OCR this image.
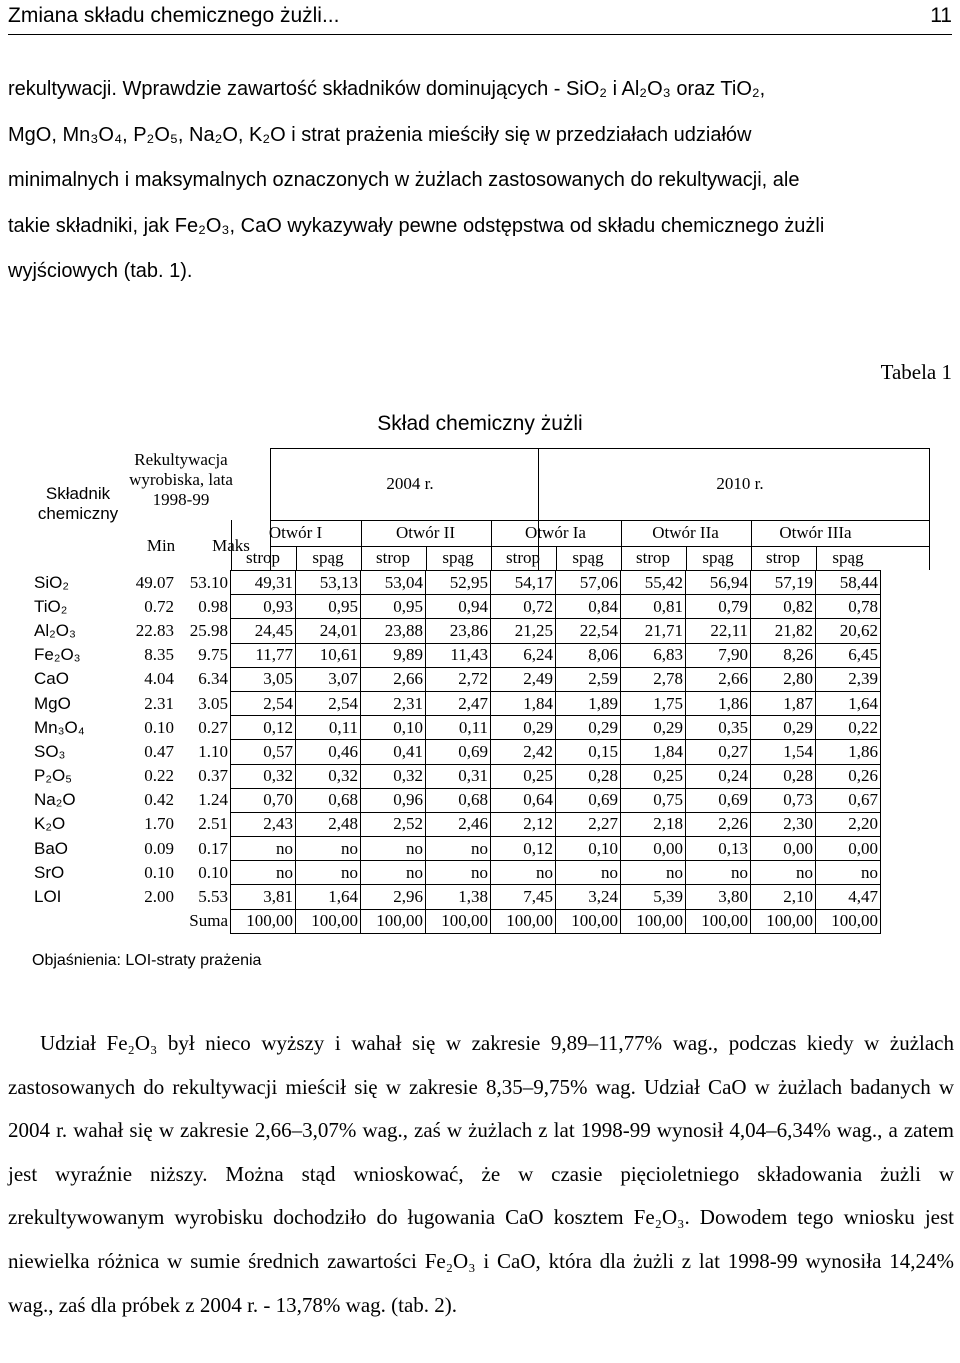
Zmiana składu chemicznego żużli...	11
rekultywacji. Wprawdzie zawartość składników dominujących - SiO₂ i Al₂O₃ oraz TiO₂,
MgO, Mn₃O₄, P₂O₅, Na₂O, K₂O i strat prażenia mieściły się w przedziałach udziałów
minimalnych i maksymalnych oznaczonych w żużlach zastosowanych do rekultywacji, ale
takie składniki, jak Fe₂O₃, CaO wykazywały pewne odstępstwa od składu chemicznego żużli
wyjściowych (tab. 1).
Tabela 1
Skład chemiczny żużli
Składnik chemiczny
Rekultywacja wyrobiska, lata 1998-99
Min	Maks
2004 r.	2010 r.
Otwór I	Otwór II	Otwór Ia	Otwór IIa	Otwór IIIa
strop	spąg	strop	spąg	strop	spąg	strop	spąg	strop	spąg
SiO₂	49.07	53.10	49,31	53,13	53,04	52,95	54,17	57,06	55,42	56,94	57,19	58,44
TiO₂	0.72	0.98	0,93	0,95	0,95	0,94	0,72	0,84	0,81	0,79	0,82	0,78
Al₂O₃	22.83	25.98	24,45	24,01	23,88	23,86	21,25	22,54	21,71	22,11	21,82	20,62
Fe₂O₃	8.35	9.75	11,77	10,61	9,89	11,43	6,24	8,06	6,83	7,90	8,26	6,45
CaO	4.04	6.34	3,05	3,07	2,66	2,72	2,49	2,59	2,78	2,66	2,80	2,39
MgO	2.31	3.05	2,54	2,54	2,31	2,47	1,84	1,89	1,75	1,86	1,87	1,64
Mn₃O₄	0.10	0.27	0,12	0,11	0,10	0,11	0,29	0,29	0,29	0,35	0,29	0,22
SO₃	0.47	1.10	0,57	0,46	0,41	0,69	2,42	0,15	1,84	0,27	1,54	1,86
P₂O₅	0.22	0.37	0,32	0,32	0,32	0,31	0,25	0,28	0,25	0,24	0,28	0,26
Na₂O	0.42	1.24	0,70	0,68	0,96	0,68	0,64	0,69	0,75	0,69	0,73	0,67
K₂O	1.70	2.51	2,43	2,48	2,52	2,46	2,12	2,27	2,18	2,26	2,30	2,20
BaO	0.09	0.17	no	no	no	no	0,12	0,10	0,00	0,13	0,00	0,00
SrO	0.10	0.10	no	no	no	no	no	no	no	no	no	no
LOI	2.00	5.53	3,81	1,64	2,96	1,38	7,45	3,24	5,39	3,80	2,10	4,47
		Suma	100,00	100,00	100,00	100,00	100,00	100,00	100,00	100,00	100,00	100,00
Objaśnienia: LOI-straty prażenia
Udział Fe₂O₃ był nieco wyższy i wahał się w zakresie 9,89–11,77% wag., podczas kiedy w żużlach zastosowanych do rekultywacji mieścił się w zakresie 8,35–9,75% wag. Udział CaO w żużlach badanych w 2004 r. wahał się w zakresie 2,66–3,07% wag., zaś w żużlach z lat 1998-99 wynosił 4,04–6,34% wag., a zatem jest wyraźnie niższy. Można stąd wnioskować, że w czasie pięcioletniego składowania żużli w zrekultywowanym wyrobisku dochodziło do ługowania CaO kosztem Fe₂O₃. Dowodem tego wniosku jest niewielka różnica w sumie średnich zawartości Fe₂O₃ i CaO, która dla żużli z lat 1998-99 wynosiła 14,24% wag., zaś dla próbek z 2004 r. - 13,78% wag. (tab. 2).
